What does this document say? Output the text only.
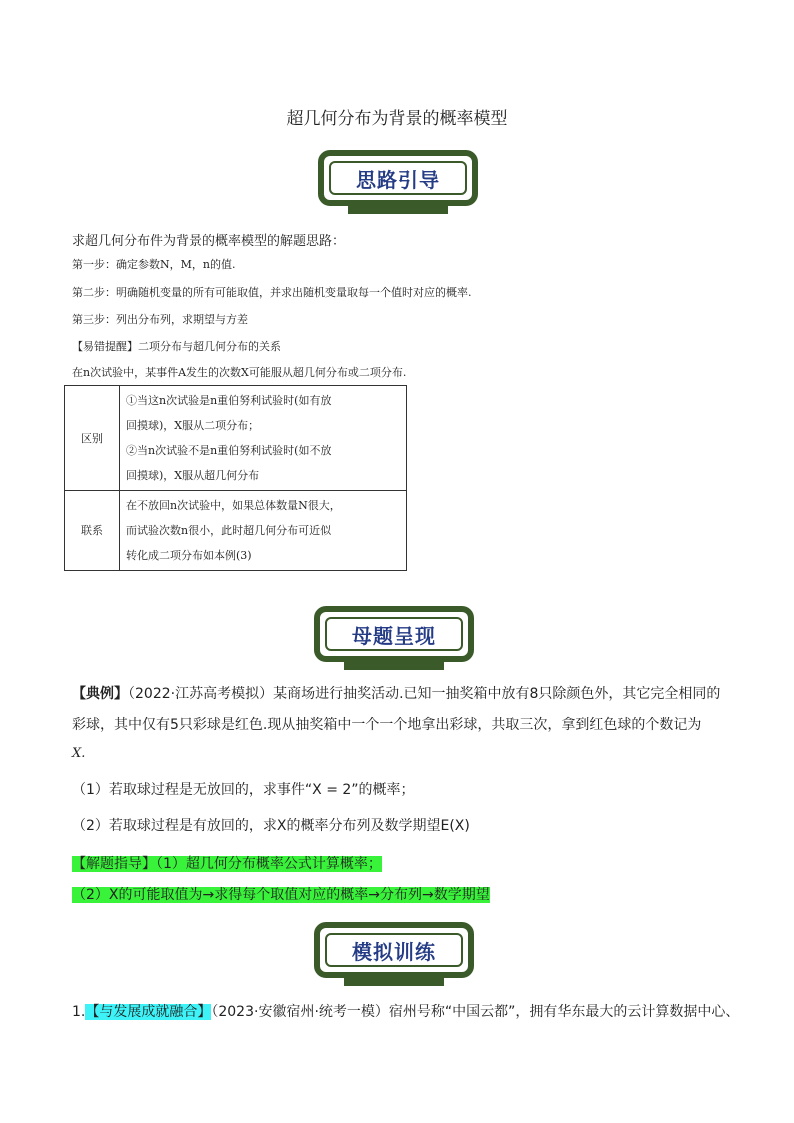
超几何分布为背景的概率模型
思路引导
求超几何分布件为背景的概率模型的解题思路：
第一步：确定参数N，M，n的值.
第二步：明确随机变量的所有可能取值，并求出随机变量取每一个值时对应的概率.
第三步：列出分布列，求期望与方差
【易错提醒】二项分布与超几何分布的关系
在n次试验中，某事件A发生的次数X可能服从超几何分布或二项分布.
区别	①当这n次试验是n重伯努利试验时(如有放
回摸球)，X服从二项分布；
②当n次试验不是n重伯努利试验时(如不放
回摸球)，X服从超几何分布

联系	在不放回n次试验中，如果总体数量N很大，
而试验次数n很小，此时超几何分布可近似
转化成二项分布如本例(3)
母题呈现
【典例】（2022·江苏高考模拟）某商场进行抽奖活动.已知一抽奖箱中放有8只除颜色外，其它完全相同的
彩球，其中仅有5只彩球是红色.现从抽奖箱中一个一个地拿出彩球，共取三次，拿到红色球的个数记为
X.
（1）若取球过程是无放回的，求事件“X = 2”的概率；
（2）若取球过程是有放回的，求X的概率分布列及数学期望E(X)
【解题指导】（1）超几何分布概率公式计算概率；
（2）X的可能取值为→求得每个取值对应的概率→分布列→数学期望
模拟训练
1.【与发展成就融合】（2023·安徽宿州·统考一模）宿州号称“中国云都”，拥有华东最大的云计算数据中心、
